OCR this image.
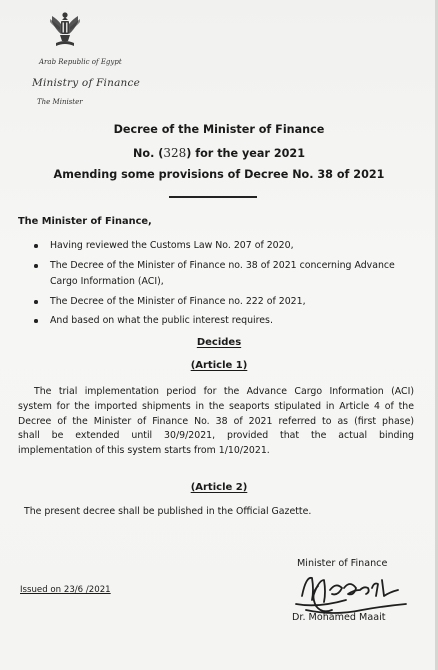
Arab Republic of Egypt
Ministry of Finance
The Minister
Decree of the Minister of Finance
No. (328) for the year 2021
Amending some provisions of Decree No. 38 of 2021
The Minister of Finance,
Having reviewed the Customs Law No. 207 of 2020,
The Decree of the Minister of Finance no. 38 of 2021 concerning Advance
Cargo Information (ACI),
The Decree of the Minister of Finance no. 222 of 2021,
And based on what the public interest requires.
Decides
(Article 1)
The trial implementation period for the Advance Cargo Information (ACI)
system for the imported shipments in the seaports stipulated in Article 4 of the
Decree of the Minister of Finance No. 38 of 2021 referred to as (first phase)
shall be extended until 30/9/2021, provided that the actual binding
implementation of this system starts from 1/10/2021.
(Article 2)
The present decree shall be published in the Official Gazette.
Issued on 23/6 /2021
Minister of Finance
Dr. Mohamed Maait
